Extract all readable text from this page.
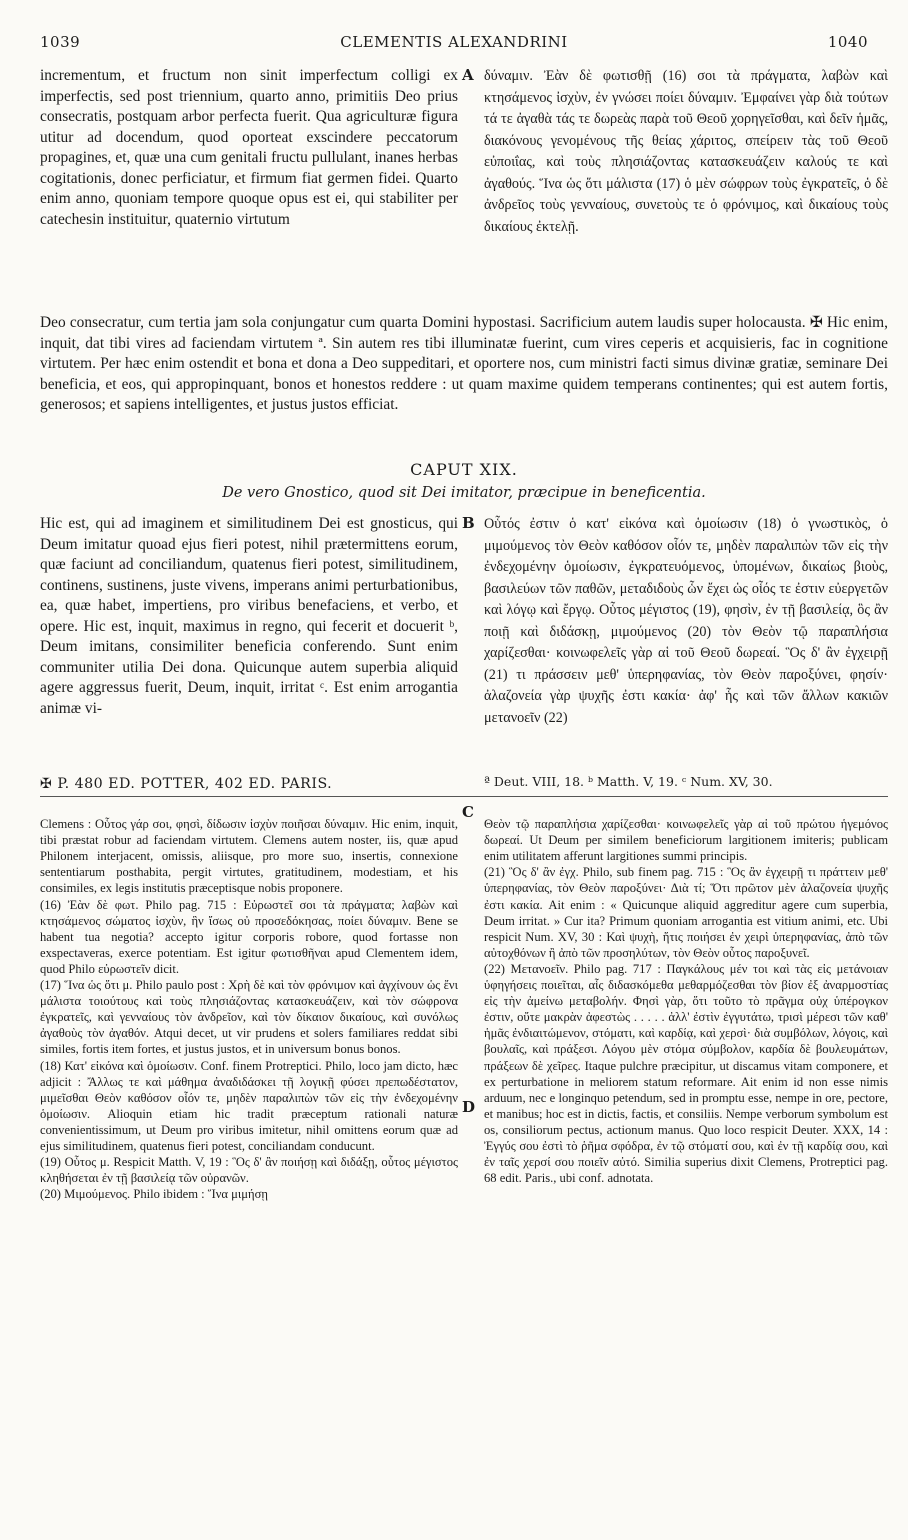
1039	CLEMENTIS ALEXANDRINI	1040

incrementum, et fructum non sinit imperfectum colligi ex imperfectis, sed post triennium, quarto anno, primitiis Deo prius consecratis, postquam arbor perfecta fuerit. Qua agriculturæ figura utitur ad docendum, quod oporteat exscindere peccatorum propagines, et, quæ una cum genitali fructu pullulant, inanes herbas cogitationis, donec perficiatur, et firmum fiat germen fidei. Quarto enim anno, quoniam tempore quoque opus est ei, qui stabiliter per catechesin instituitur, quaternio virtutum

A δύναμιν. Ἐὰν δὲ φωτισθῇ (16) σοι τὰ πράγματα, λαβὼν καὶ κτησάμενος ἰσχὺν, ἐν γνώσει ποίει δύναμιν. Ἐμφαίνει γὰρ διὰ τούτων τά τε ἀγαθὰ τάς τε δωρεὰς παρὰ τοῦ Θεοῦ χορηγεῖσθαι, καὶ δεῖν ἡμᾶς, διακόνους γενομένους τῆς θείας χάριτος, σπείρειν τὰς τοῦ Θεοῦ εὐποιΐας, καὶ τοὺς πλησιάζοντας κατασκευάζειν καλούς τε καὶ ἀγαθούς. Ἵνα ὡς ὅτι μάλιστα (17) ὁ μὲν σώφρων τοὺς ἐγκρατεῖς, ὁ δὲ ἀνδρεῖος τοὺς γενναίους, συνετοὺς τε ὁ φρόνιμος, καὶ δικαίους τοὺς δικαίους ἐκτελῇ.

Deo consecratur, cum tertia jam sola conjungatur cum quarta Domini hypostasi. Sacrificium autem laudis super holocausta. ✠ Hic enim, inquit, dat tibi vires ad faciendam virtutem ª. Sin autem res tibi illuminatæ fuerint, cum vires ceperis et acquisieris, fac in cognitione virtutem. Per hæc enim ostendit et bona et dona a Deo suppeditari, et oportere nos, cum ministri facti simus divinæ gratiæ, seminare Dei beneficia, et eos, qui appropinquant, bonos et honestos reddere : ut quam maxime quidem temperans continentes; qui est autem fortis, generosos; et sapiens intelligentes, et justus justos efficiat.

CAPUT XIX.
De vero Gnostico, quod sit Dei imitator, præcipue in beneficentia.

Hic est, qui ad imaginem et similitudinem Dei est gnosticus, qui Deum imitatur quoad ejus fieri potest, nihil prætermittens eorum, quæ faciunt ad conciliandum, quatenus fieri potest, similitudinem, continens, sustinens, juste vivens, imperans animi perturbationibus, ea, quæ habet, impertiens, pro viribus benefaciens, et verbo, et opere. Hic est, inquit, maximus in regno, qui fecerit et docuerit ᵇ, Deum imitans, consimiliter beneficia conferendo. Sunt enim communiter utilia Dei dona. Quicunque autem superbia aliquid agere aggressus fuerit, Deum, inquit, irritat ᶜ. Est enim arrogantia animæ vi-

B Οὗτός ἐστιν ὁ κατ' εἰκόνα καὶ ὁμοίωσιν (18) ὁ γνωστικὸς, ὁ μιμούμενος τὸν Θεὸν καθόσον οἷόν τε, μηδὲν παραλιπὼν τῶν εἰς τὴν ἐνδεχομένην ὁμοίωσιν, ἐγκρατευόμενος, ὑπομένων, δικαίως βιοὺς, βασιλεύων τῶν παθῶν, μεταδιδοὺς ὧν ἔχει ὡς οἷός τε ἐστιν εὐεργετῶν καὶ λόγῳ καὶ ἔργῳ. Οὗτος μέγιστος (19), φησὶν, ἐν τῇ βασιλείᾳ, ὃς ἂν ποιῇ καὶ διδάσκῃ, μιμούμενος (20) τὸν Θεὸν τῷ παραπλήσια χαρίζεσθαι· κοινωφελεῖς γὰρ αἱ τοῦ Θεοῦ δωρεαί. Ὃς δ' ἂν ἐγχειρῇ (21) τι πράσσειν μεθ' ὑπερηφανίας, τὸν Θεὸν παροξύνει, φησίν· ἀλαζονεία γὰρ ψυχῆς ἐστι κακία· ἀφ' ἧς καὶ τῶν ἄλλων κακιῶν μετανοεῖν (22)

ª Deut. VIII, 18. ᵇ Matth. V, 19. ᶜ Num. XV, 30.
✠ P. 480 ED. POTTER, 402 ED. PARIS.

Clemens : Οὗτος γάρ σοι, φησὶ, δίδωσιν ἰσχὺν ποιῆσαι δύναμιν. Hic enim, inquit, tibi præstat robur ad faciendam virtutem. Clemens autem noster, iis, quæ apud Philonem interjacent, omissis, aliisque, pro more suo, insertis, connexione sententiarum posthabita, pergit virtutes, gratitudinem, modestiam, et his consimiles, ex legis institutis præceptisque nobis proponere.
(16) Ἐὰν δὲ φωτ. Philo pag. 715 : Εὐρωστεῖ σοι τὰ πράγματα; λαβὼν καὶ κτησάμενος σώματος ἰσχὺν, ἣν ἴσως οὐ προσεδόκησας, ποίει δύναμιν. Bene se habent tua negotia? accepto igitur corporis robore, quod fortasse non exspectaveras, exerce potentiam. Est igitur φωτισθῆναι apud Clementem idem, quod Philo εὐρωστεῖν dicit.
(17) Ἵνα ὡς ὅτι μ. Philo paulo post : Χρὴ δὲ καὶ τὸν φρόνιμον καὶ ἀγχίνουν ὡς ἔνι μάλιστα τοιούτους καὶ τοὺς πλησιάζοντας κατασκευάζειν, καὶ τὸν σώφρονα ἐγκρατεῖς, καὶ γενναίους τὸν ἀνδρεῖον, καὶ τὸν δίκαιον δικαίους, καὶ συνόλως ἀγαθοὺς τὸν ἀγαθόν. Atqui decet, ut vir prudens et solers familiares reddat sibi similes, fortis item fortes, et justus justos, et in universum bonus bonos.
(18) Κατ' εἰκόνα καὶ ὁμοίωσιν. Conf. finem Protreptici. Philo, loco jam dicto, hæc adjicit : Ἄλλως τε καὶ μάθημα ἀναδιδάσκει τῇ λογικῇ φύσει πρεπωδέστατον, μιμεῖσθαι Θεὸν καθόσον οἷόν τε, μηδὲν παραλιπὼν τῶν εἰς τὴν ἐνδεχομένην ὁμοίωσιν. Alioquin etiam hic tradit præceptum rationali naturæ convenientissimum, ut Deum pro viribus imitetur, nihil omittens eorum quæ ad ejus similitudinem, quatenus fieri potest, conciliandam conducunt.
(19) Οὗτος μ. Respicit Matth. V, 19 : Ὃς δ' ἂν ποιήσῃ καὶ διδάξῃ, οὗτος μέγιστος κληθήσεται ἐν τῇ βασιλείᾳ τῶν οὐρανῶν.
(20) Μιμούμενος. Philo ibidem : Ἵνα μιμήσῃ

C
D

Θεὸν τῷ παραπλήσια χαρίζεσθαι· κοινωφελεῖς γὰρ αἱ τοῦ πρώτου ἡγεμόνος δωρεαί. Ut Deum per similem beneficiorum largitionem imiteris; publicam enim utilitatem afferunt largitiones summi principis.
(21) Ὃς δ' ἂν ἐγχ. Philo, sub finem pag. 715 : Ὃς ἂν ἐγχειρῇ τι πράττειν μεθ' ὑπερηφανίας, τὸν Θεὸν παροξύνει· Διὰ τί; Ὅτι πρῶτον μὲν ἀλαζονεία ψυχῆς ἐστι κακία. Ait enim : « Quicunque aliquid aggreditur agere cum superbia, Deum irritat. » Cur ita? Primum quoniam arrogantia est vitium animi, etc. Ubi respicit Num. XV, 30 : Καὶ ψυχὴ, ἥτις ποιήσει ἐν χειρὶ ὑπερηφανίας, ἀπὸ τῶν αὐτοχθόνων ἢ ἀπὸ τῶν προσηλύτων, τὸν Θεὸν οὗτος παροξυνεῖ.
(22) Μετανοεῖν. Philo pag. 717 : Παγκάλους μέν τοι καὶ τὰς εἰς μετάνοιαν ὑφηγήσεις ποιεῖται, αἷς διδασκόμεθα μεθαρμόζεσθαι τὸν βίον ἐξ ἀναρμοστίας εἰς τὴν ἀμείνω μεταβολήν. Φησὶ γὰρ, ὅτι τοῦτο τὸ πρᾶγμα οὐχ ὑπέρογκον ἐστιν, οὔτε μακρὰν ἀφεστὼς . . . . . ἀλλ' ἐστὶν ἐγγυτάτω, τρισὶ μέρεσι τῶν καθ' ἡμᾶς ἐνδιαιτώμενον, στόματι, καὶ καρδίᾳ, καὶ χερσὶ· διὰ συμβόλων, λόγοις, καὶ βουλαῖς, καὶ πράξεσι. Λόγου μὲν στόμα σύμβολον, καρδία δὲ βουλευμάτων, πράξεων δὲ χεῖρες. Itaque pulchre præcipitur, ut discamus vitam componere, et ex perturbatione in meliorem statum reformare. Ait enim id non esse nimis arduum, nec e longinquo petendum, sed in promptu esse, nempe in ore, pectore, et manibus; hoc est in dictis, factis, et consiliis. Nempe verborum symbolum est os, consiliorum pectus, actionum manus. Quo loco respicit Deuter. XXX, 14 : Ἐγγύς σου ἐστὶ τὸ ῥῆμα σφόδρα, ἐν τῷ στόματί σου, καὶ ἐν τῇ καρδίᾳ σου, καὶ ἐν ταῖς χερσί σου ποιεῖν αὐτό. Similia superius dixit Clemens, Protreptici pag. 68 edit. Paris., ubi conf. adnotata.
